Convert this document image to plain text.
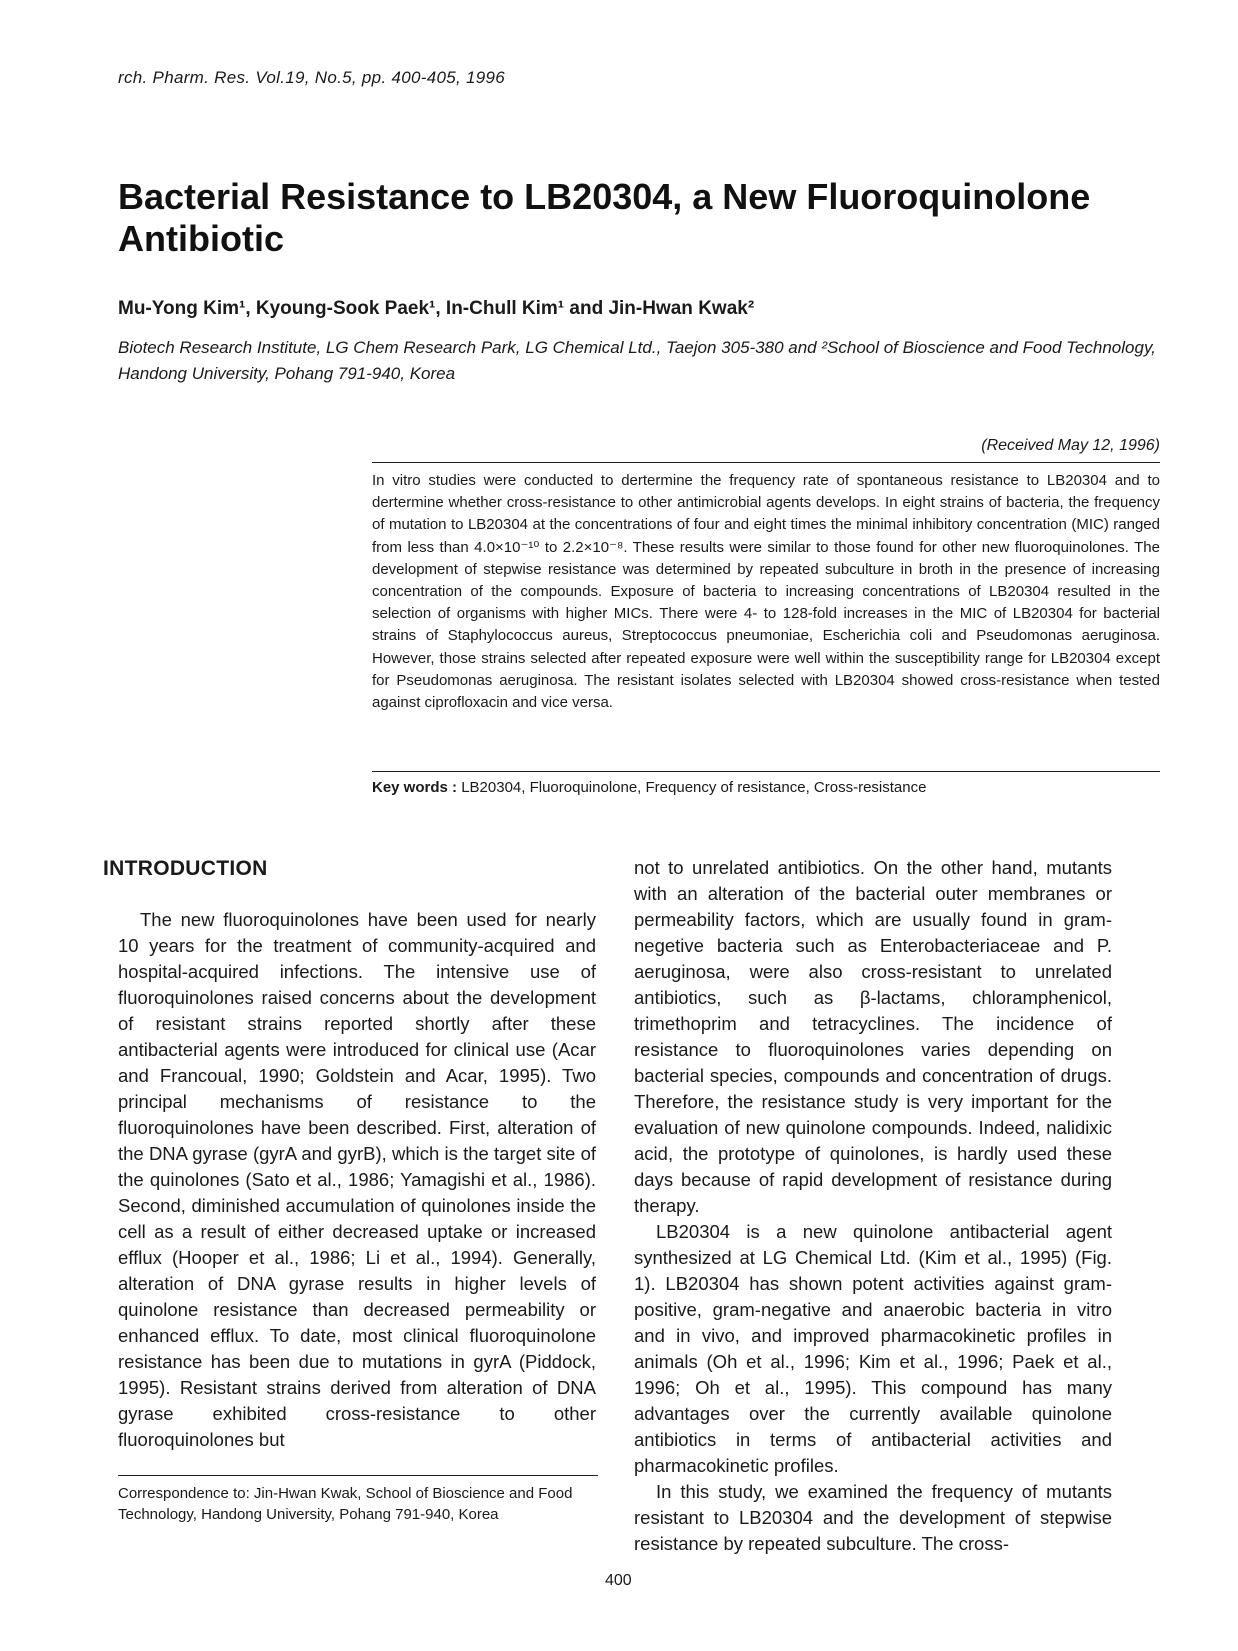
rch. Pharm. Res. Vol.19, No.5, pp. 400-405, 1996
Bacterial Resistance to LB20304, a New Fluoroquinolone Antibiotic
Mu-Yong Kim¹, Kyoung-Sook Paek¹, In-Chull Kim¹ and Jin-Hwan Kwak²
Biotech Research Institute, LG Chem Research Park, LG Chemical Ltd., Taejon 305-380 and ²School of Bioscience and Food Technology, Handong University, Pohang 791-940, Korea
(Received May 12, 1996)
In vitro studies were conducted to dertermine the frequency rate of spontaneous resistance to LB20304 and to dertermine whether cross-resistance to other antimicrobial agents develops. In eight strains of bacteria, the frequency of mutation to LB20304 at the concentrations of four and eight times the minimal inhibitory concentration (MIC) ranged from less than 4.0×10⁻¹⁰ to 2.2×10⁻⁸. These results were similar to those found for other new fluoroquinolones. The development of stepwise resistance was determined by repeated subculture in broth in the presence of increasing concentration of the compounds. Exposure of bacteria to increasing concentrations of LB20304 resulted in the selection of organisms with higher MICs. There were 4- to 128-fold increases in the MIC of LB20304 for bacterial strains of Staphylococcus aureus, Streptococcus pneumoniae, Escherichia coli and Pseudomonas aeruginosa. However, those strains selected after repeated exposure were well within the susceptibility range for LB20304 except for Pseudomonas aeruginosa. The resistant isolates selected with LB20304 showed cross-resistance when tested against ciprofloxacin and vice versa.
Key words : LB20304, Fluoroquinolone, Frequency of resistance, Cross-resistance
INTRODUCTION

The new fluoroquinolones have been used for nearly 10 years for the treatment of community-acquired and hospital-acquired infections. The intensive use of fluoroquinolones raised concerns about the development of resistant strains reported shortly after these antibacterial agents were introduced for clinical use (Acar and Francoual, 1990; Goldstein and Acar, 1995). Two principal mechanisms of resistance to the fluoroquinolones have been described. First, alteration of the DNA gyrase (gyrA and gyrB), which is the target site of the quinolones (Sato et al., 1986; Yamagishi et al., 1986). Second, diminished accumulation of quinolones inside the cell as a result of either decreased uptake or increased efflux (Hooper et al., 1986; Li et al., 1994). Generally, alteration of DNA gyrase results in higher levels of quinolone resistance than decreased permeability or enhanced efflux. To date, most clinical fluoroquinolone resistance has been due to mutations in gyrA (Piddock, 1995). Resistant strains derived from alteration of DNA gyrase exhibited cross-resistance to other fluoroquinolones but

not to unrelated antibiotics. On the other hand, mutants with an alteration of the bacterial outer membranes or permeability factors, which are usually found in gram-negetive bacteria such as Enterobacteriaceae and P. aeruginosa, were also cross-resistant to unrelated antibiotics, such as β-lactams, chloramphenicol, trimethoprim and tetracyclines. The incidence of resistance to fluoroquinolones varies depending on bacterial species, compounds and concentration of drugs. Therefore, the resistance study is very important for the evaluation of new quinolone compounds. Indeed, nalidixic acid, the prototype of quinolones, is hardly used these days because of rapid development of resistance during therapy.

LB20304 is a new quinolone antibacterial agent synthesized at LG Chemical Ltd. (Kim et al., 1995) (Fig. 1). LB20304 has shown potent activities against gram-positive, gram-negative and anaerobic bacteria in vitro and in vivo, and improved pharmacokinetic profiles in animals (Oh et al., 1996; Kim et al., 1996; Paek et al., 1996; Oh et al., 1995). This compound has many advantages over the currently available quinolone antibiotics in terms of antibacterial activities and pharmacokinetic profiles.

In this study, we examined the frequency of mutants resistant to LB20304 and the development of stepwise resistance by repeated subculture. The cross-

Correspondence to: Jin-Hwan Kwak, School of Bioscience and Food Technology, Handong University, Pohang 791-940, Korea
400
